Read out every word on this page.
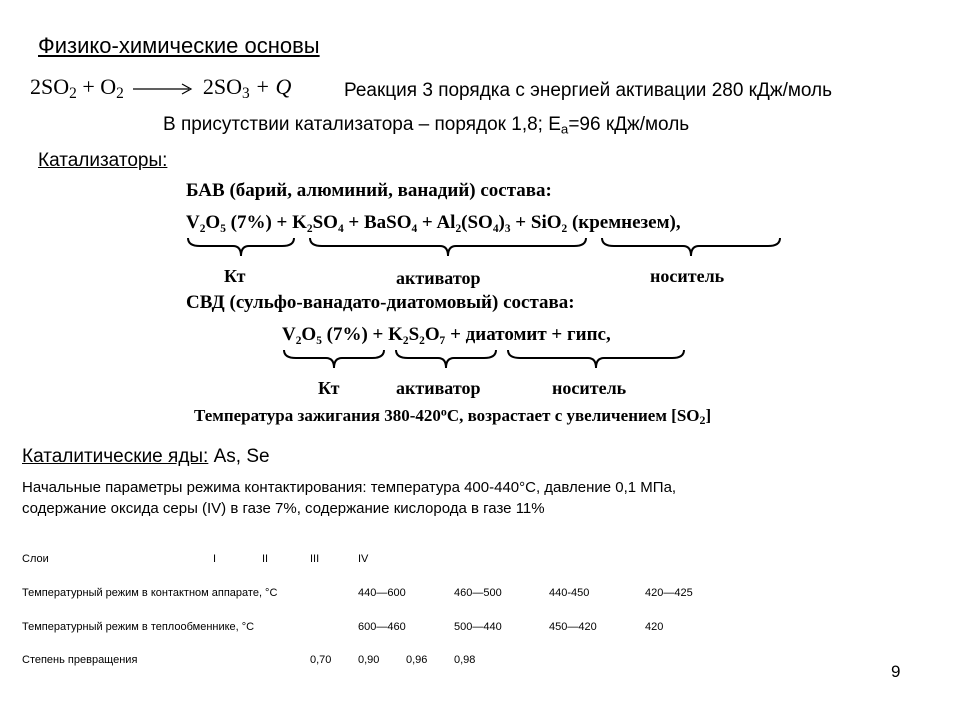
Физико-химические основы
$2SO_2 + O_2 \to 2SO_3 + Q$	Реакция 3 порядка с энергией активации 280 кДж/моль
В присутствии катализатора – порядок 1,8; $E_a=96$ кДж/моль
Катализаторы:
БАВ (барий, алюминий, ванадий) состава:
V₂O₅ (7%) + K₂SO₄ + BaSO₄ + Al₂(SO₄)₃ + SiO₂ (кремнезем),
Кт	активатор	носитель
СВД (сульфо-ванадато-диатомовый) состава:
V₂O₅ (7%) + K₂S₂O₇ + диатомит + гипс,
Кт	активатор	носитель
Температура зажигания $380-420^оС$, возрастает с увеличением $[SO_2]$
Каталитические яды: As, Se
Начальные параметры режима контактирования: температура 400-440°С, давление 0,1 МПа,
содержание оксида серы (IV) в газе 7%, содержание кислорода в газе 11%
Слои	I	II	III	IV
Температурный режим в контактном аппарате, °С	440—600	460—500	440-450	420—425
Температурный режим в теплообменнике, °С	600—460	500—440	450—420	420
Степень превращения	0,70 0,90 0,96 0,98
9
